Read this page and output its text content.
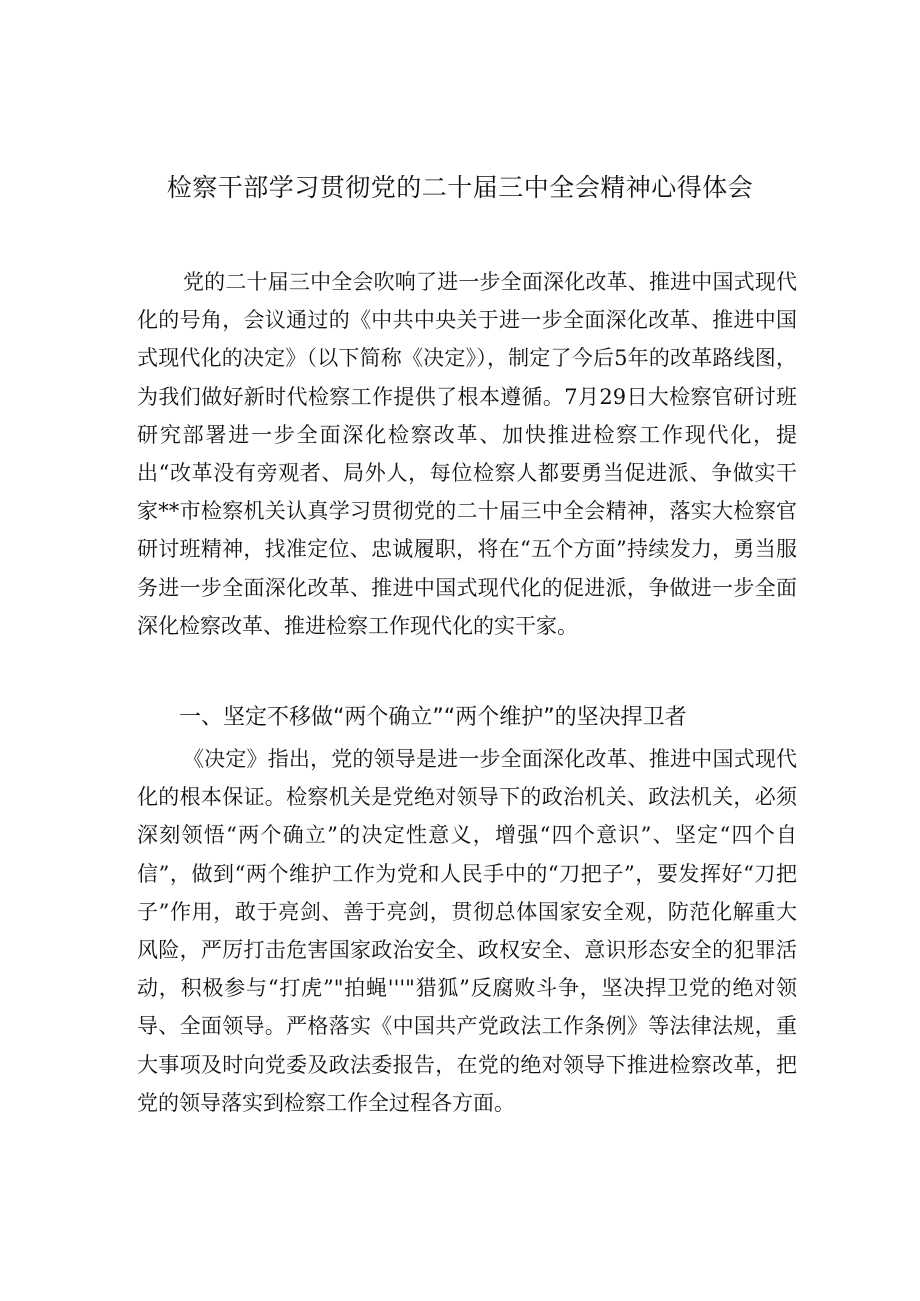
检察干部学习贯彻党的二十届三中全会精神心得体会

党的二十届三中全会吹响了进一步全面深化改革、推进中国式现代化的号角，会议通过的《中共中央关于进一步全面深化改革、推进中国式现代化的决定》（以下简称《决定》），制定了今后5年的改革路线图，为我们做好新时代检察工作提供了根本遵循。7月29日大检察官研讨班研究部署进一步全面深化检察改革、加快推进检察工作现代化，提出“改革没有旁观者、局外人，每位检察人都要勇当促进派、争做实干家**市检察机关认真学习贯彻党的二十届三中全会精神，落实大检察官研讨班精神，找准定位、忠诚履职，将在“五个方面”持续发力，勇当服务进一步全面深化改革、推进中国式现代化的促进派，争做进一步全面深化检察改革、推进检察工作现代化的实干家。

一、坚定不移做“两个确立”“两个维护”的坚决捍卫者

《决定》指出，党的领导是进一步全面深化改革、推进中国式现代化的根本保证。检察机关是党绝对领导下的政治机关、政法机关，必须深刻领悟“两个确立”的决定性意义，增强“四个意识”、坚定“四个自信”，做到“两个维护工作为党和人民手中的“刀把子”，要发挥好“刀把子”作用，敢于亮剑、善于亮剑，贯彻总体国家安全观，防范化解重大风险，严厉打击危害国家政治安全、政权安全、意识形态安全的犯罪活动，积极参与“打虎”"拍蝇'''"猎狐”反腐败斗争，坚决捍卫党的绝对领导、全面领导。严格落实《中国共产党政法工作条例》等法律法规，重大事项及时向党委及政法委报告，在党的绝对领导下推进检察改革，把党的领导落实到检察工作全过程各方面。
